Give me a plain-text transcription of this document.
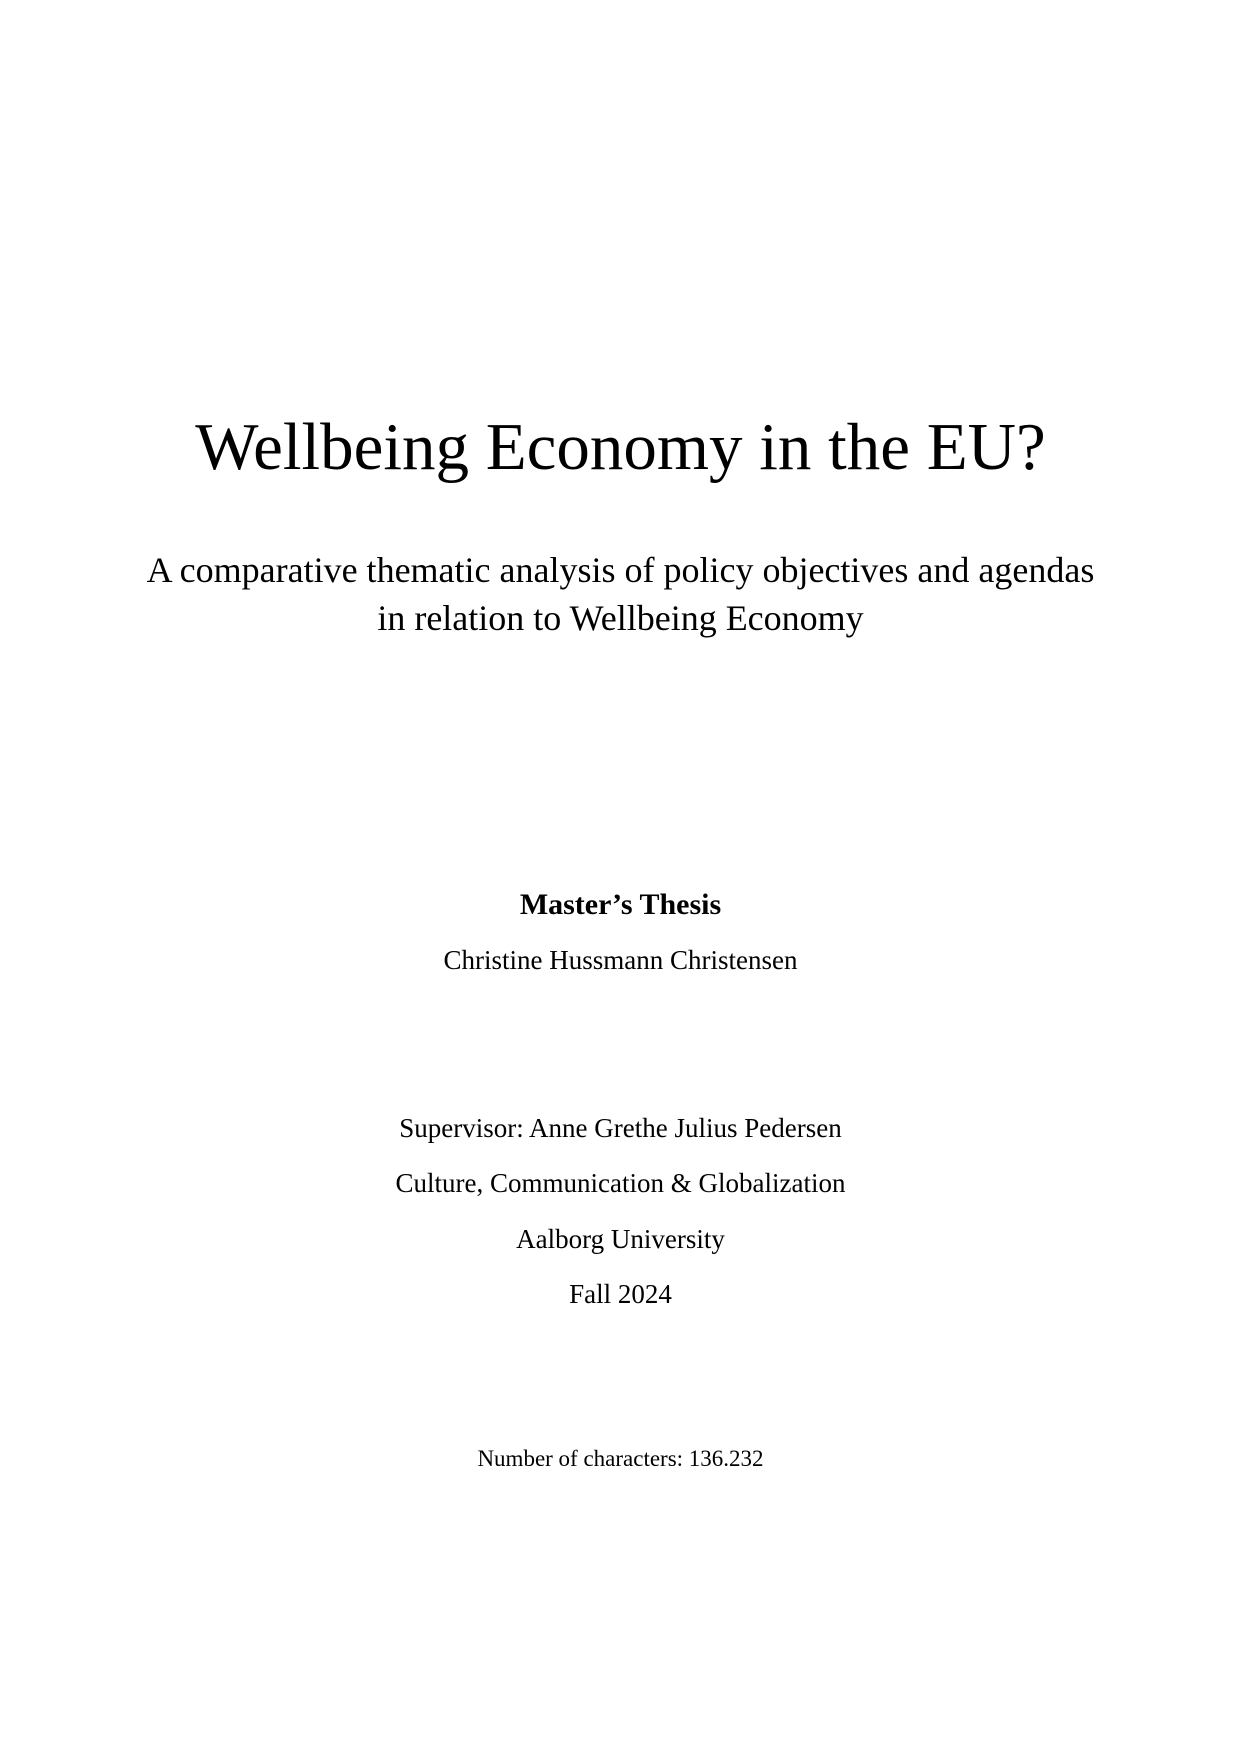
Wellbeing Economy in the EU?
A comparative thematic analysis of policy objectives and agendas
in relation to Wellbeing Economy
Master’s Thesis
Christine Hussmann Christensen
Supervisor: Anne Grethe Julius Pedersen
Culture, Communication & Globalization
Aalborg University
Fall 2024
Number of characters: 136.232
